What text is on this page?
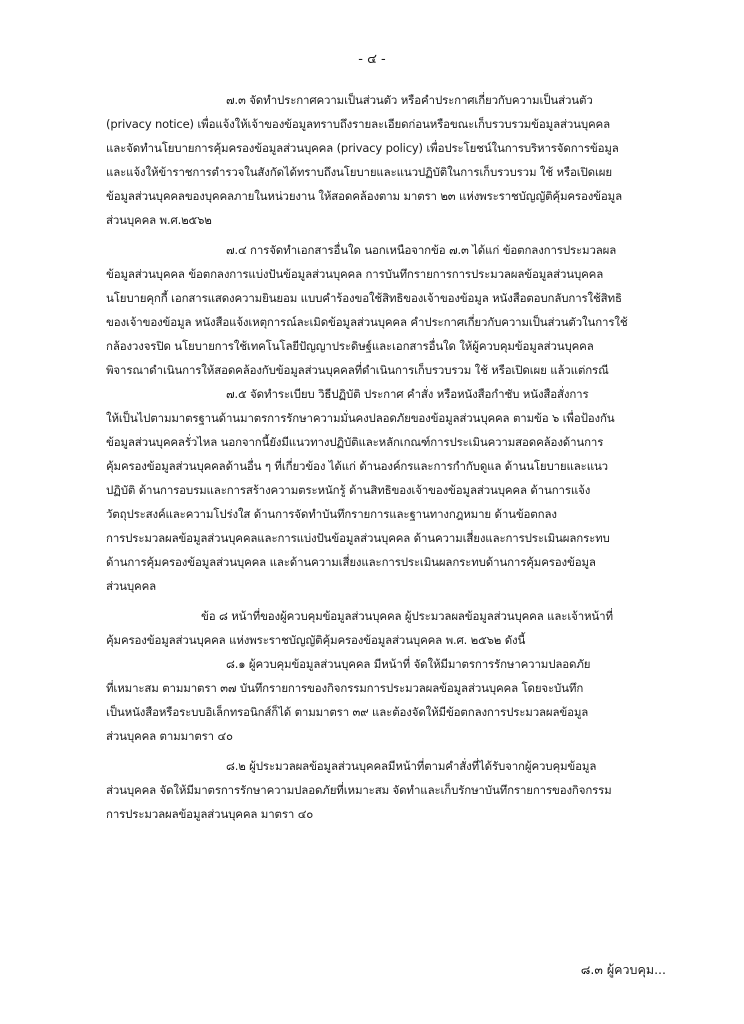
- ๔ -
๗.๓ จัดทำประกาศความเป็นส่วนตัว หรือคำประกาศเกี่ยวกับความเป็นส่วนตัว
(privacy notice) เพื่อแจ้งให้เจ้าของข้อมูลทราบถึงรายละเอียดก่อนหรือขณะเก็บรวบรวมข้อมูลส่วนบุคคล
และจัดทำนโยบายการคุ้มครองข้อมูลส่วนบุคคล (privacy policy) เพื่อประโยชน์ในการบริหารจัดการข้อมูล
และแจ้งให้ข้าราชการตำรวจในสังกัดได้ทราบถึงนโยบายและแนวปฏิบัติในการเก็บรวบรวม ใช้ หรือเปิดเผย
ข้อมูลส่วนบุคคลของบุคคลภายในหน่วยงาน ให้สอดคล้องตาม มาตรา ๒๓ แห่งพระราชบัญญัติคุ้มครองข้อมูล
ส่วนบุคคล พ.ศ.๒๕๖๒
๗.๔ การจัดทำเอกสารอื่นใด นอกเหนือจากข้อ ๗.๓ ได้แก่ ข้อตกลงการประมวลผล
ข้อมูลส่วนบุคคล ข้อตกลงการแบ่งปันข้อมูลส่วนบุคคล การบันทึกรายการการประมวลผลข้อมูลส่วนบุคคล
นโยบายคุกกี้ เอกสารแสดงความยินยอม แบบคำร้องขอใช้สิทธิของเจ้าของข้อมูล หนังสือตอบกลับการใช้สิทธิ
ของเจ้าของข้อมูล หนังสือแจ้งเหตุการณ์ละเมิดข้อมูลส่วนบุคคล คำประกาศเกี่ยวกับความเป็นส่วนตัวในการใช้
กล้องวงจรปิด นโยบายการใช้เทคโนโลยีปัญญาประดิษฐ์และเอกสารอื่นใด ให้ผู้ควบคุมข้อมูลส่วนบุคคล
พิจารณาดำเนินการให้สอดคล้องกับข้อมูลส่วนบุคคลที่ดำเนินการเก็บรวบรวม ใช้ หรือเปิดเผย แล้วแต่กรณี
๗.๕ จัดทำระเบียบ วิธีปฏิบัติ ประกาศ คำสั่ง หรือหนังสือกำชับ หนังสือสั่งการ
ให้เป็นไปตามมาตรฐานด้านมาตรการรักษาความมั่นคงปลอดภัยของข้อมูลส่วนบุคคล ตามข้อ ๖ เพื่อป้องกัน
ข้อมูลส่วนบุคคลรั่วไหล นอกจากนี้ยังมีแนวทางปฏิบัติและหลักเกณฑ์การประเมินความสอดคล้องด้านการ
คุ้มครองข้อมูลส่วนบุคคลด้านอื่น ๆ ที่เกี่ยวข้อง ได้แก่ ด้านองค์กรและการกำกับดูแล ด้านนโยบายและแนว
ปฏิบัติ ด้านการอบรมและการสร้างความตระหนักรู้ ด้านสิทธิของเจ้าของข้อมูลส่วนบุคคล ด้านการแจ้ง
วัตถุประสงค์และความโปร่งใส ด้านการจัดทำบันทึกรายการและฐานทางกฎหมาย ด้านข้อตกลง
การประมวลผลข้อมูลส่วนบุคคลและการแบ่งปันข้อมูลส่วนบุคคล ด้านความเสี่ยงและการประเมินผลกระทบ
ด้านการคุ้มครองข้อมูลส่วนบุคคล และด้านความเสี่ยงและการประเมินผลกระทบด้านการคุ้มครองข้อมูล
ส่วนบุคคล
ข้อ ๘ หน้าที่ของผู้ควบคุมข้อมูลส่วนบุคคล ผู้ประมวลผลข้อมูลส่วนบุคคล และเจ้าหน้าที่
คุ้มครองข้อมูลส่วนบุคคล แห่งพระราชบัญญัติคุ้มครองข้อมูลส่วนบุคคล พ.ศ. ๒๕๖๒ ดังนี้
๘.๑ ผู้ควบคุมข้อมูลส่วนบุคคล มีหน้าที่ จัดให้มีมาตรการรักษาความปลอดภัย
ที่เหมาะสม ตามมาตรา ๓๗ บันทึกรายการของกิจกรรมการประมวลผลข้อมูลส่วนบุคคล โดยจะบันทึก
เป็นหนังสือหรือระบบอิเล็กทรอนิกส์ก็ได้ ตามมาตรา ๓๙ และต้องจัดให้มีข้อตกลงการประมวลผลข้อมูล
ส่วนบุคคล ตามมาตรา ๔๐
๘.๒ ผู้ประมวลผลข้อมูลส่วนบุคคลมีหน้าที่ตามคำสั่งที่ได้รับจากผู้ควบคุมข้อมูล
ส่วนบุคคล จัดให้มีมาตรการรักษาความปลอดภัยที่เหมาะสม จัดทำและเก็บรักษาบันทึกรายการของกิจกรรม
การประมวลผลข้อมูลส่วนบุคคล มาตรา ๔๐
๘.๓ ผู้ควบคุม...
